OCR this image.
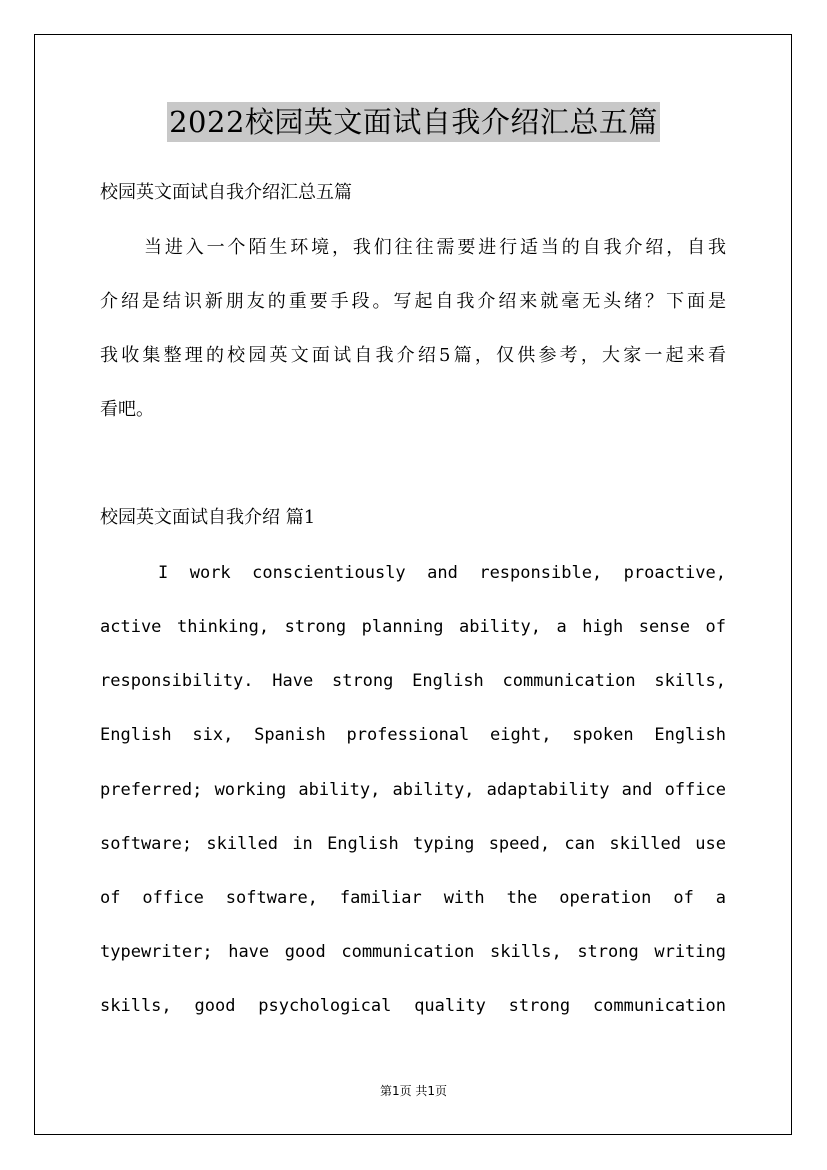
2022校园英文面试自我介绍汇总五篇
校园英文面试自我介绍汇总五篇
当进入一个陌生环境，我们往往需要进行适当的自我介绍，自我
介绍是结识新朋友的重要手段。写起自我介绍来就毫无头绪？下面是
我收集整理的校园英文面试自我介绍5篇，仅供参考，大家一起来看
看吧。
校园英文面试自我介绍 篇1
I work conscientiously and responsible, proactive,
active thinking, strong planning ability, a high sense of
responsibility. Have strong English communication skills,
English six, Spanish professional eight, spoken English
preferred; working ability, ability, adaptability and office
software; skilled in English typing speed, can skilled use
of office software, familiar with the operation of a
typewriter; have good communication skills, strong writing
skills, good psychological quality strong communication
第1页 共1页
